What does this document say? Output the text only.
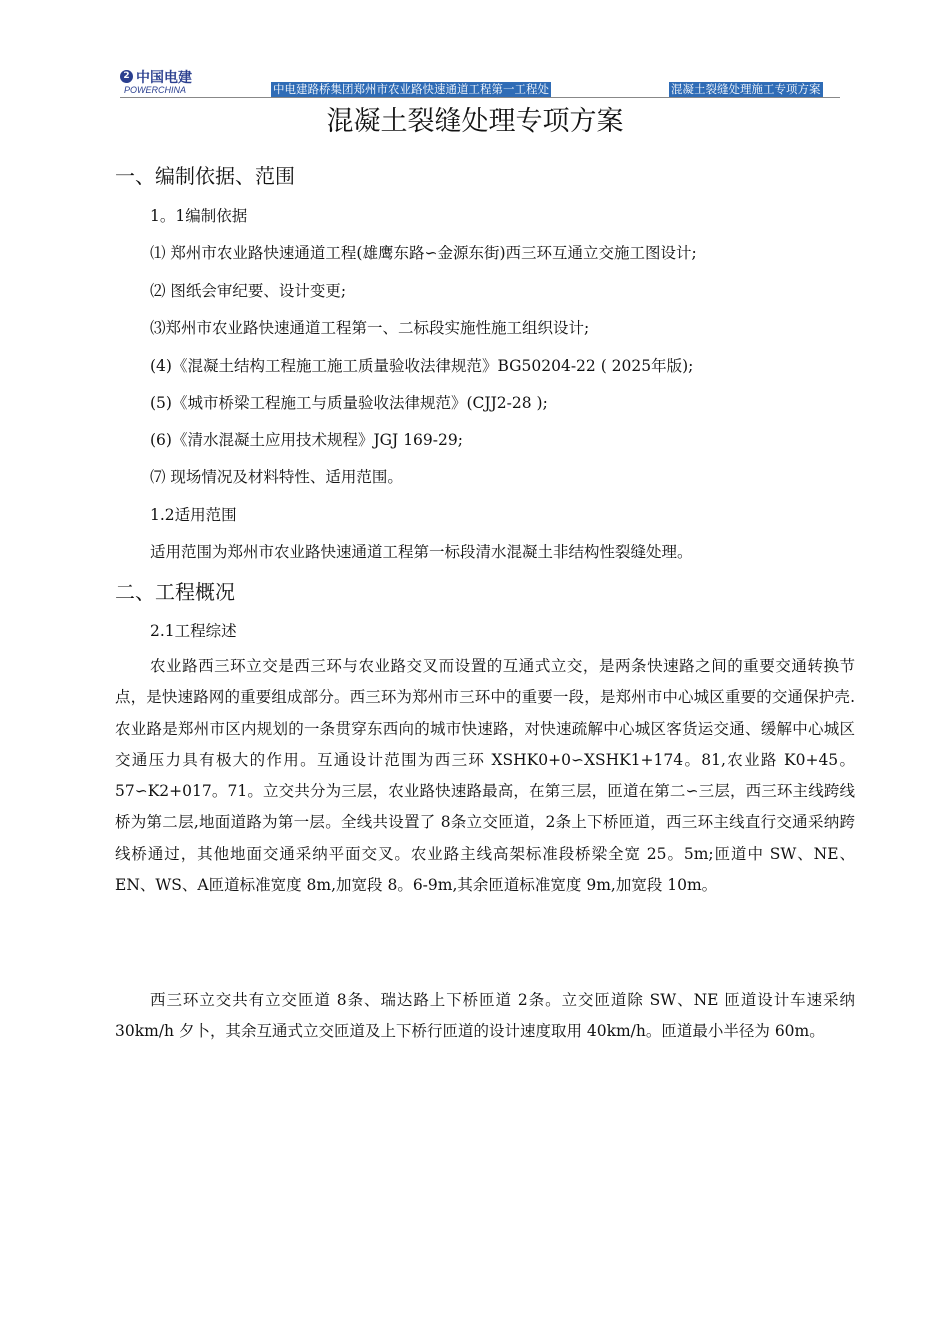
2 中国电建
POWERCHINA	中电建路桥集团郑州市农业路快速通道工程第一工程处	混凝土裂缝处理施工专项方案
混凝土裂缝处理专项方案
一、编制依据、范围
1。1编制依据
⑴ 郑州市农业路快速通道工程(雄鹰东路∽金源东街)西三环互通立交施工图设计;
⑵ 图纸会审纪要、设计变更;
⑶郑州市农业路快速通道工程第一、二标段实施性施工组织设计;
(4)《混凝土结构工程施工施工质量验收法律规范》BG50204-22 ( 2025年版);
(5)《城市桥梁工程施工与质量验收法律规范》(CJJ2-28 );
(6)《清水混凝土应用技术规程》JGJ 169-29;
⑺ 现场情况及材料特性、适用范围。
1.2适用范围
适用范围为郑州市农业路快速通道工程第一标段清水混凝土非结构性裂缝处理。
二、工程概况
2.1工程综述
农业路西三环立交是西三环与农业路交叉而设置的互通式立交，是两条快速路之间的重要交通转换节点，是快速路网的重要组成部分。西三环为郑州市三环中的重要一段，是郑州市中心城区重要的交通保护壳.农业路是郑州市区内规划的一条贯穿东西向的城市快速路，对快速疏解中心城区客货运交通、缓解中心城区交通压力具有极大的作用。互通设计范围为西三环 XSHK0+0∽XSHK1+174。81,农业路 K0+45。57∽K2+017。71。立交共分为三层，农业路快速路最高，在第三层，匝道在第二∽三层，西三环主线跨线桥为第二层,地面道路为第一层。全线共设置了 8条立交匝道，2条上下桥匝道，西三环主线直行交通采纳跨线桥通过，其他地面交通采纳平面交叉。农业路主线高架标准段桥梁全宽 25。5m;匝道中 SW、NE、EN、WS、A匝道标准宽度 8m,加宽段 8。6-9m,其余匝道标准宽度 9m,加宽段 10m。
西三环立交共有立交匝道 8条、瑞达路上下桥匝道 2条。立交匝道除 SW、NE 匝道设计车速采纳 30km/h 夕卜，其余互通式立交匝道及上下桥行匝道的设计速度取用 40km/h。匝道最小半径为 60m。
